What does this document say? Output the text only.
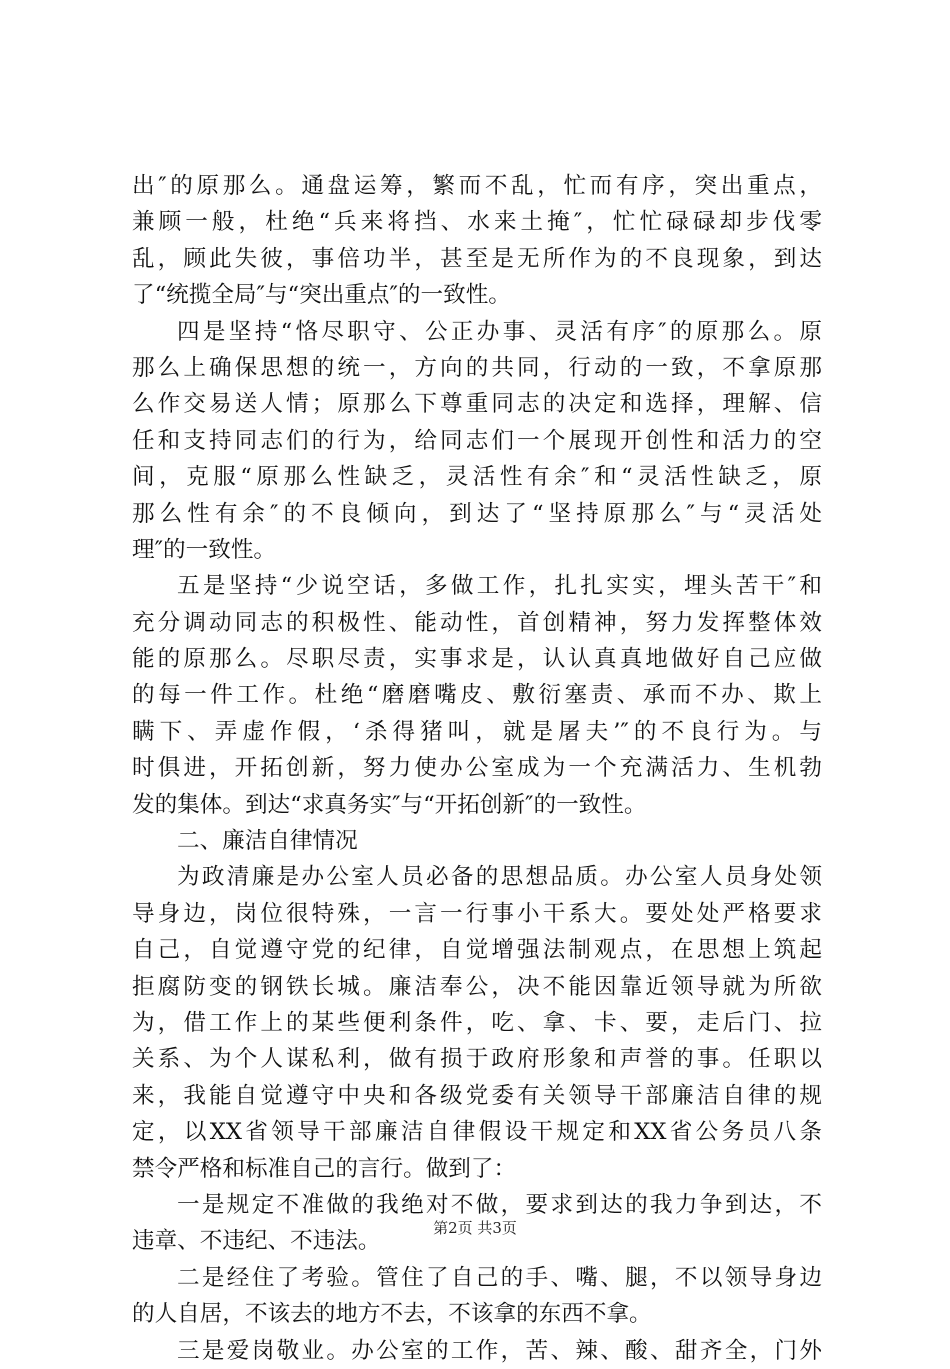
出″的原那么。通盘运筹，繁而不乱，忙而有序，突出重点，
兼顾一般，杜绝“兵来将挡、水来土掩″，忙忙碌碌却步伐零
乱，顾此失彼，事倍功半，甚至是无所作为的不良现象，到达
了“统揽全局″与“突出重点″的一致性。
四是坚持“恪尽职守、公正办事、灵活有序″的原那么。原
那么上确保思想的统一，方向的共同，行动的一致，不拿原那
么作交易送人情；原那么下尊重同志的决定和选择，理解、信
任和支持同志们的行为，给同志们一个展现开创性和活力的空
间，克服“原那么性缺乏，灵活性有余″和“灵活性缺乏，原
那么性有余″的不良倾向，到达了“坚持原那么″与“灵活处
理″的一致性。
五是坚持“少说空话，多做工作，扎扎实实，埋头苦干″和
充分调动同志的积极性、能动性，首创精神，努力发挥整体效
能的原那么。尽职尽责，实事求是，认认真真地做好自己应做
的每一件工作。杜绝“磨磨嘴皮、敷衍塞责、承而不办、欺上
瞒下、弄虚作假，‘杀得猪叫，就是屠夫’″的不良行为。与
时俱进，开拓创新，努力使办公室成为一个充满活力、生机勃
发的集体。到达“求真务实″与“开拓创新″的一致性。
二、廉洁自律情况
为政清廉是办公室人员必备的思想品质。办公室人员身处领
导身边，岗位很特殊，一言一行事小干系大。要处处严格要求
自己，自觉遵守党的纪律，自觉增强法制观点，在思想上筑起
拒腐防变的钢铁长城。廉洁奉公，决不能因靠近领导就为所欲
为，借工作上的某些便利条件，吃、拿、卡、要，走后门、拉
关系、为个人谋私利，做有损于政府形象和声誉的事。任职以
来，我能自觉遵守中央和各级党委有关领导干部廉洁自律的规
定，以XX省领导干部廉洁自律假设干规定和XX省公务员八条
禁令严格和标准自己的言行。做到了：
一是规定不准做的我绝对不做，要求到达的我力争到达，不
违章、不违纪、不违法。
二是经住了考验。管住了自己的手、嘴、腿，不以领导身边
的人自居，不该去的地方不去，不该拿的东西不拿。
三是爱岗敬业。办公室的工作，苦、辣、酸、甜齐全，门外
第2页 共3页
